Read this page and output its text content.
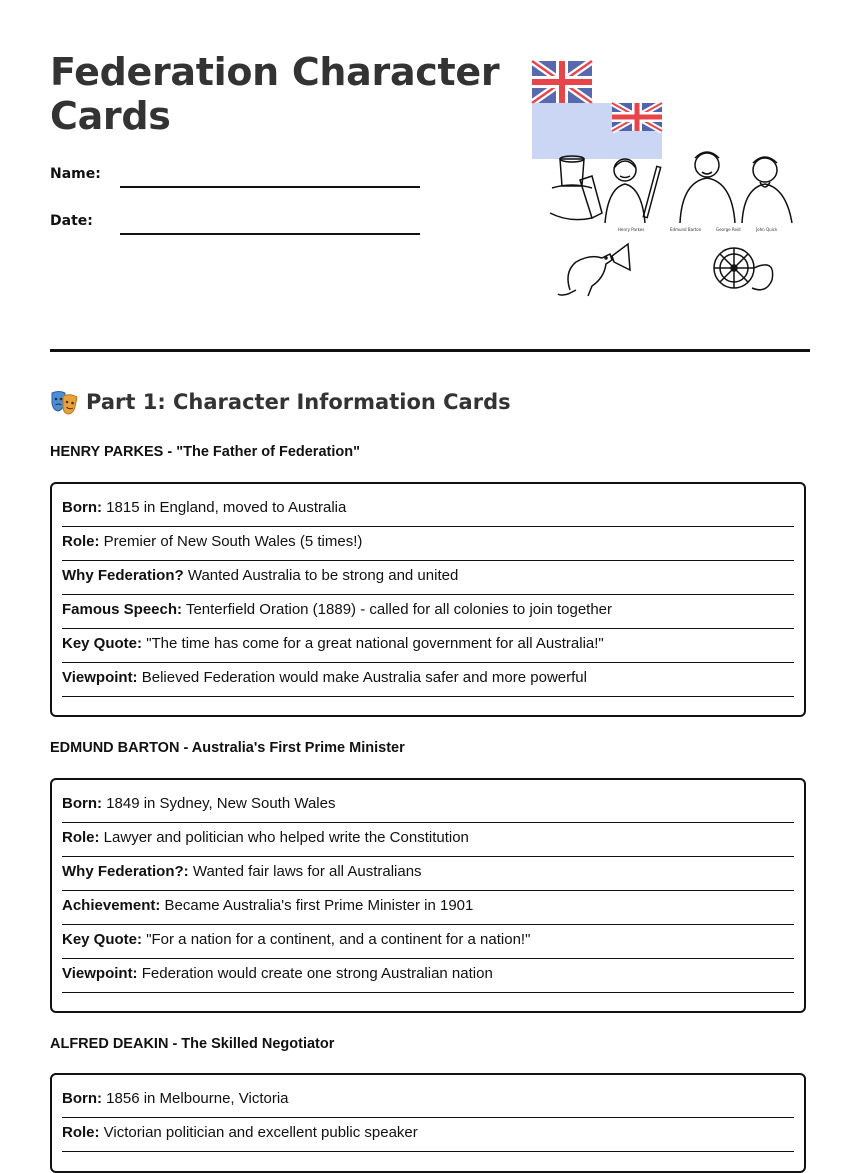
Federation Character Cards
Name:
Date:
Henry Parkes	Edmund Barton	George Reid	John Quick
Part 1: Character Information Cards
HENRY PARKES - "The Father of Federation"
Born: 1815 in England, moved to Australia
Role: Premier of New South Wales (5 times!)
Why Federation? Wanted Australia to be strong and united
Famous Speech: Tenterfield Oration (1889) - called for all colonies to join together
Key Quote: "The time has come for a great national government for all Australia!"
Viewpoint: Believed Federation would make Australia safer and more powerful
EDMUND BARTON - Australia's First Prime Minister
Born: 1849 in Sydney, New South Wales
Role: Lawyer and politician who helped write the Constitution
Why Federation?: Wanted fair laws for all Australians
Achievement: Became Australia's first Prime Minister in 1901
Key Quote: "For a nation for a continent, and a continent for a nation!"
Viewpoint: Federation would create one strong Australian nation
ALFRED DEAKIN - The Skilled Negotiator
Born: 1856 in Melbourne, Victoria
Role: Victorian politician and excellent public speaker
